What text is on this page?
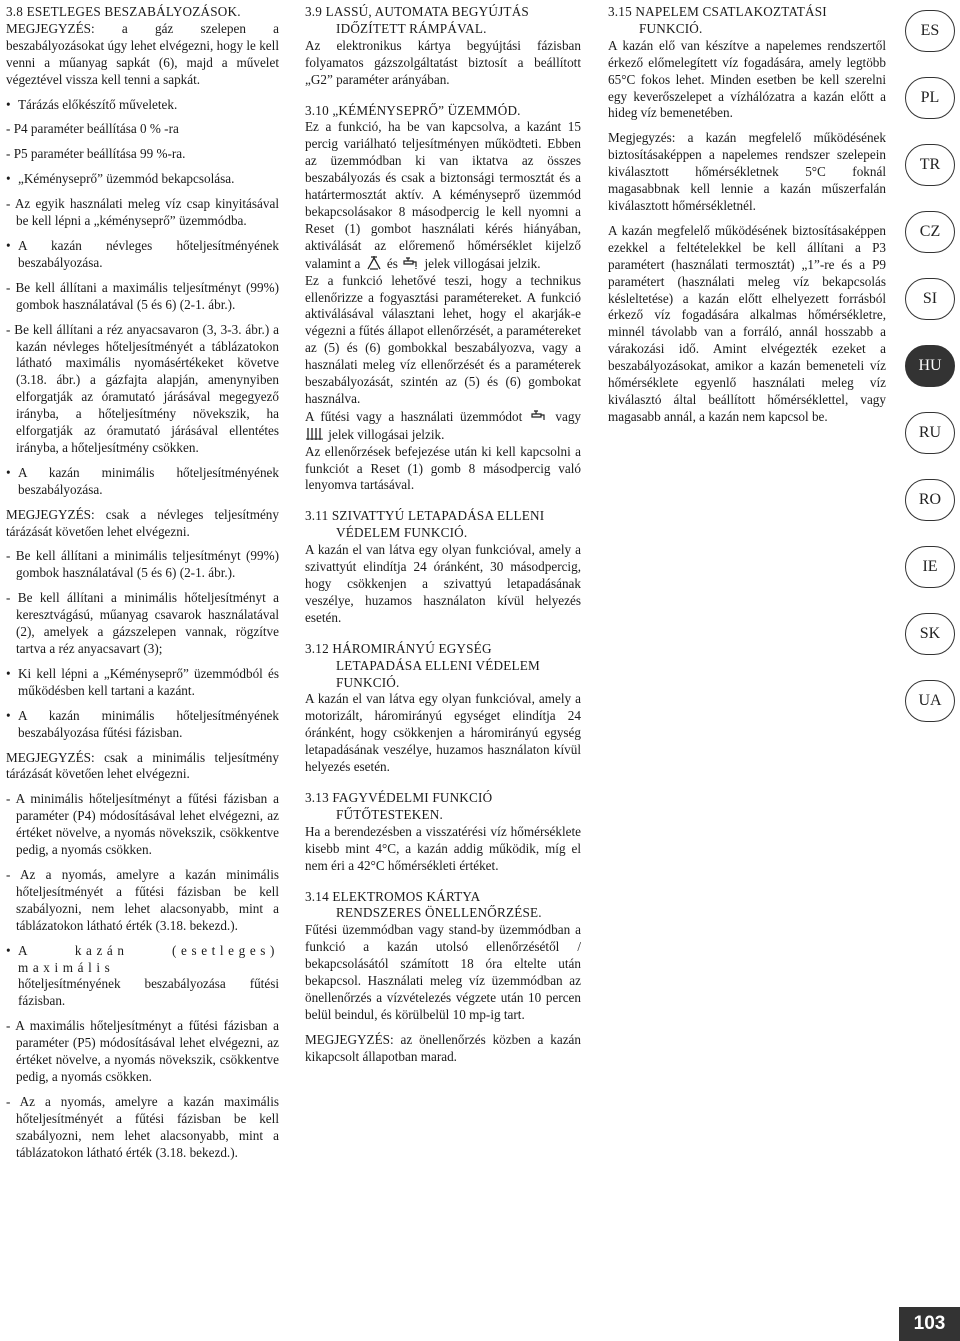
3.8 ESETLEGES BESZABÁLYOZÁSOK.

MEGJEGYZÉS: a gáz szelepen a beszabályozásokat úgy lehet elvégezni, hogy le kell venni a műanyag sapkát (6), majd a művelet végeztével vissza kell tenni a sapkát.

• Tárázás előkészítő műveletek.

- P4 paraméter beállítása 0 % -ra

- P5 paraméter beállítása 99 %-ra.

• „Kéményseprő” üzemmód bekapcsolása.

- Az egyik használati meleg víz csap kinyitásával be kell lépni a „kéményseprő” üzemmódba.

• A kazán névleges hőteljesítményének beszabályozása.

- Be kell állítani a maximális teljesítményt (99%) gombok használatával (5 és 6) (2-1. ábr.).

- Be kell állítani a réz anyacsavaron (3, 3-3. ábr.) a kazán névleges hőteljesítményét a táblázatokon látható maximális nyomásértékeket követve (3.18. ábr.) a gázfajta alapján, amenynyiben elforgatják az óramutató járásával megegyező irányba, a hőteljesítmény növekszik, ha elforgatják az óramutató járásával ellentétes irányba, a hőteljesítmény csökken.

• A kazán minimális hőteljesítményének beszabályozása.

MEGJEGYZÉS: csak a névleges teljesítmény tárázását követően lehet elvégezni.

- Be kell állítani a minimális teljesítményt (99%) gombok használatával (5 és 6) (2-1. ábr.).

- Be kell állítani a minimális hőteljesítményt a keresztvágású, műanyag csavarok használatával (2), amelyek a gázszelepen vannak, rögzítve tartva a réz anyacsavart (3);

• Ki kell lépni a „Kéményseprő” üzemmódból és működésben kell tartani a kazánt.

• A kazán minimális hőteljesítményének beszabályozása fűtési fázisban.

MEGJEGYZÉS: csak a minimális teljesítmény tárázását követően lehet elvégezni.

- A minimális hőteljesítményt a fűtési fázisban a paraméter (P4) módosításával lehet elvégezni, az értéket növelve, a nyomás növekszik, csökkentve pedig, a nyomás csökken.

- Az a nyomás, amelyre a kazán minimális hőteljesítményét a fűtési fázisban be kell szabályozni, nem lehet alacsonyabb, mint a táblázatokon látható érték (3.18. bekezd.).

• A kazán (esetleges) maximális
hőteljesítményének beszabályozása fűtési fázisban.

- A maximális hőteljesítményt a fűtési fázisban a paraméter (P5) módosításával lehet elvégezni, az értéket növelve, a nyomás növekszik, csökkentve pedig, a nyomás csökken.

- Az a nyomás, amelyre a kazán maximális hőteljesítményét a fűtési fázisban be kell szabályozni, nem lehet alacsonyabb, mint a táblázatokon látható érték (3.18. bekezd.).

3.9 LASSÚ, AUTOMATA BEGYÚJTÁS

IDŐZÍTETT RÁMPÁVAL.

Az elektronikus kártya begyújtási fázisban folyamatos gázszolgáltatást biztosít a beállított „G2” paraméter arányában.

3.10 „KÉMÉNYSEPRŐ” ÜZEMMÓD.

Ez a funkció, ha be van kapcsolva, a kazánt 15 percig variálható teljesítményen működteti. Ebben az üzemmódban ki van iktatva az összes beszabályozás és csak a biztonsági termosztát és a határtermosztát aktív. A kéményseprő üzemmód bekapcsolásakor 8 másodpercig le kell nyomni a Reset (1) gombot használati kérés hiányában, aktiválását az előremenő hőmérséklet kijelző valamint a és jelek villogásai jelzik.

Ez a funkció lehetővé teszi, hogy a technikus ellenőrizze a fogyasztási paramétereket. A funkció aktiválásával választani lehet, hogy el akarják-e végezni a fűtés állapot ellenőrzését, a paramétereket az (5) és (6) gombokkal beszabályozva, vagy a használati meleg víz ellenőrzését és a paraméterek beszabályozását, szintén az (5) és (6) gombokat használva.

A fűtési vagy a használati üzemmódot	vagy  jelek villogásai jelzik.

Az ellenőrzések befejezése után ki kell kapcsolni a funkciót a Reset (1) gomb 8 másodpercig való lenyomva tartásával.

3.11 SZIVATTYÚ LETAPADÁSA ELLENI

VÉDELEM FUNKCIÓ.

A kazán el van látva egy olyan funkcióval, amely a szivattyút elindítja 24 óránként, 30 másodpercig, hogy csökkenjen a szivattyú letapadásának veszélye, huzamos használaton kívül helyezés esetén.

3.12 HÁROMIRÁNYÚ EGYSÉG

LETAPADÁSA ELLENI VÉDELEM

FUNKCIÓ.

A kazán el van látva egy olyan funkcióval, amely a motorizált, háromirányú egységet elindítja 24 óránként, hogy csökkenjen a háromirányú egység letapadásának veszélye, huzamos használaton kívül helyezés esetén.

3.13 FAGYVÉDELMI FUNKCIÓ

FŰTŐTESTEKEN.

Ha a berendezésben a visszatérési víz hőmérséklete kisebb mint 4°C, a kazán addig működik, míg el nem éri a 42°C hőmérsékleti értéket.

3.14 ELEKTROMOS KÁRTYA

RENDSZERES ÖNELLENŐRZÉSE.

Fűtési üzemmódban vagy stand-by üzemmódban a funkció a kazán utolsó ellenőrzésétől / bekapcsolásától számított 18 óra eltelte után bekapcsol. Használati meleg víz üzemmódban az önellenőrzés a vízvételezés végzete után 10 percen belül beindul, és körülbelül 10 mp-ig tart.

MEGJEGYZÉS: az önellenőrzés közben a kazán kikapcsolt állapotban marad.

3.15 NAPELEM CSATLAKOZTATÁSI

FUNKCIÓ.

A kazán elő van készítve a napelemes rendszertől érkező előmelegített víz fogadására, amely legtöbb 65°C fokos lehet. Minden esetben be kell szerelni egy keverőszelepet a vízhálózatra a kazán előtt a hideg víz bemenetében.

Megjegyzés: a kazán megfelelő működésének biztosításaképpen a napelemes rendszer szelepein kiválasztott hőmérsékletnek 5°C foknál magasabbnak kell lennie a kazán műszerfalán kiválasztott hőmérsékletnél.

A kazán megfelelő működésének biztosításaképpen ezekkel a feltételekkel be kell állítani a P3 paramétert (használati termosztát) „1”-re és a P9 paramétert (használati meleg víz bekapcsolás késleltetése) a kazán előtt elhelyezett forrásból érkező víz fogadására alkalmas hőmérsékletre, minnél távolabb van a forráló, annál hosszabb a várakozási idő. Amint elvégezték ezeket a beszabályozásokat, amikor a kazán bemeneteli víz hőmérséklete egyenlő használati meleg víz kiválasztó által beállított hőmérséklettel, vagy magasabb annál, a kazán nem kapcsol be.

ES
PL
TR
CZ
SI
HU
RU
RO
IE
SK
UA
103
